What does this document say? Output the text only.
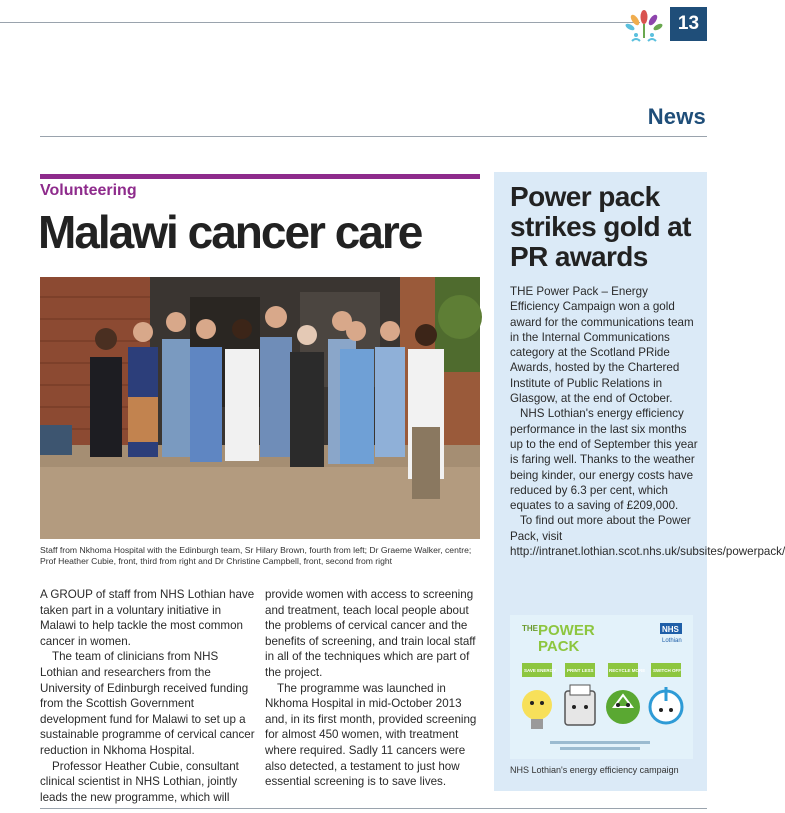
13
News
Volunteering
Malawi cancer care
Staff from Nkhoma Hospital with the Edinburgh team, Sr Hilary Brown, fourth from left; Dr Graeme Walker, centre; Prof Heather Cubie, front, third from right and Dr Christine Campbell, front, second from right

A GROUP of staff from NHS Lothian have taken part in a voluntary initiative in Malawi to help tackle the most common cancer in women.

The team of clinicians from NHS Lothian and researchers from the University of Edinburgh received funding from the Scottish Government development fund for Malawi to set up a sustainable programme of cervical cancer reduction in Nkhoma Hospital.

Professor Heather Cubie, consultant clinical scientist in NHS Lothian, jointly leads the new programme, which will

provide women with access to screening and treatment, teach local people about the problems of cervical cancer and the benefits of screening, and train local staff in all of the techniques which are part of the project.

The programme was launched in Nkhoma Hospital in mid-October 2013 and, in its first month, provided screening for almost 450 women, with treatment where required. Sadly 11 cancers were also detected, a testament to just how essential screening is to save lives.

Power pack strikes gold at PR awards

THE Power Pack – Energy Efficiency Campaign won a gold award for the communications team in the Internal Communications category at the Scotland PRide Awards, hosted by the Chartered Institute of Public Relations in Glasgow, at the end of October.

NHS Lothian's energy efficiency performance in the last six months up to the end of September this year is faring well. Thanks to the weather being kinder, our energy costs have reduced by 6.3 per cent, which equates to a saving of £209,000.

To find out more about the Power Pack, visit http://intranet.lothian.scot.nhs.uk/subsites/powerpack/

THE POWER
PACK
NHS
Lothian
SAVE ENERGY PRINT LESS	RECYCLE MORE SWITCH OFF
NHS Lothian's energy efficiency campaign
